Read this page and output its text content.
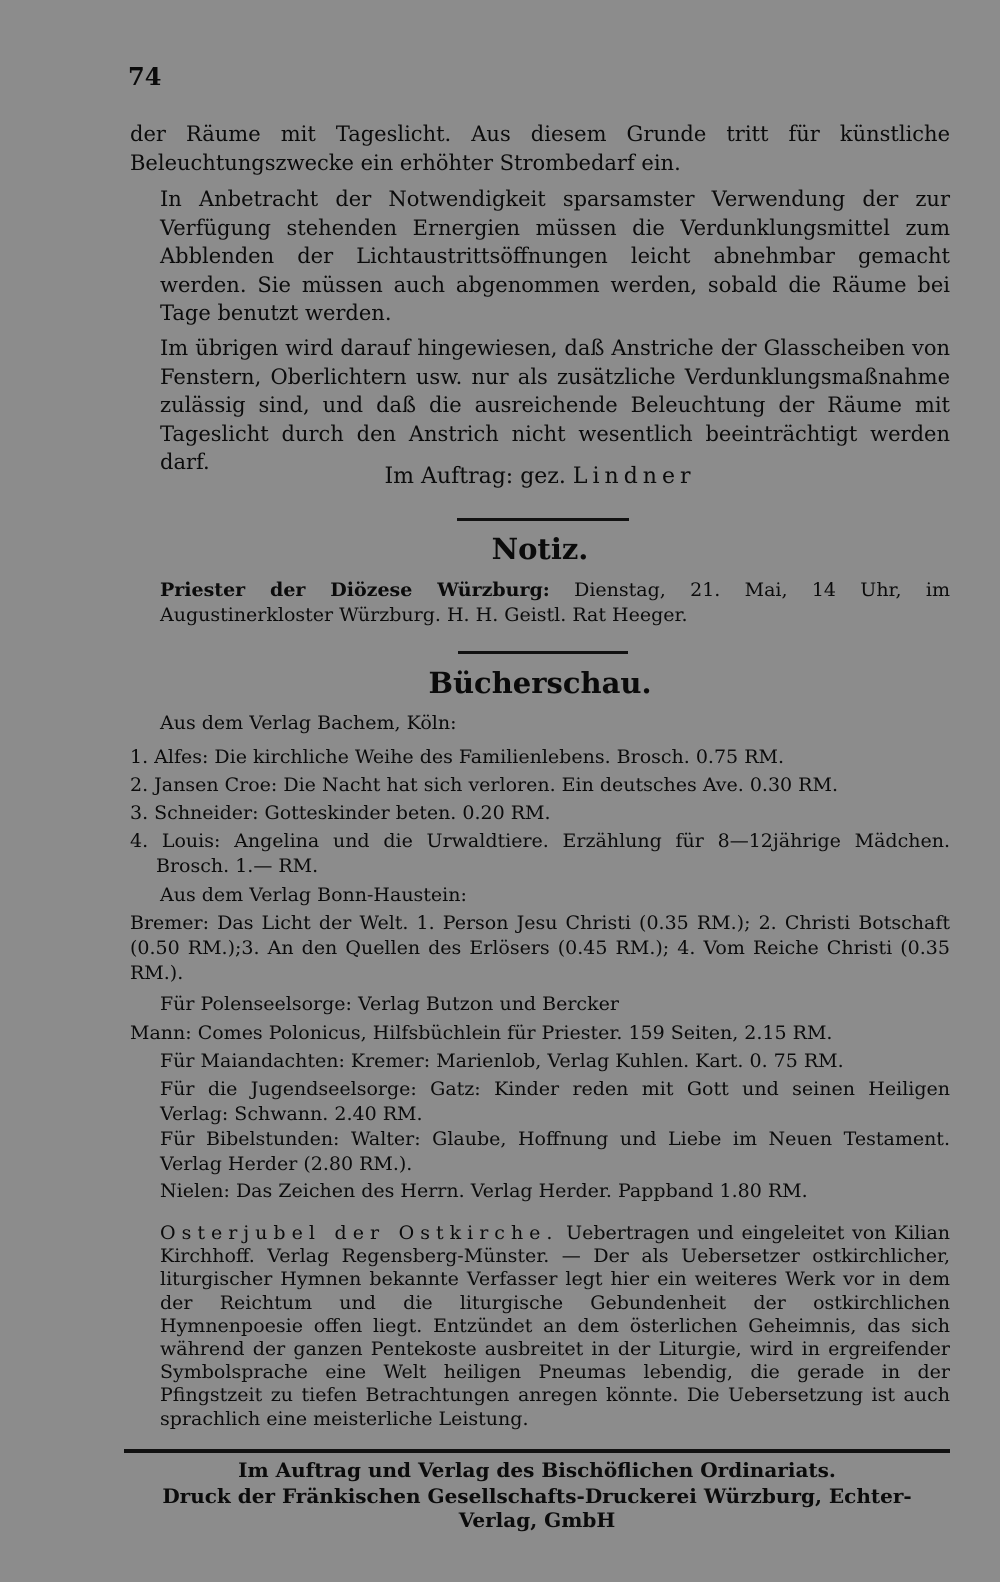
74

der Räume mit Tageslicht. Aus diesem Grunde tritt für künstliche Beleuchtungszwecke ein erhöhter Strombedarf ein.

In Anbetracht der Notwendigkeit sparsamster Verwendung der zur Verfügung stehenden Ernergien müssen die Verdunklungsmittel zum Abblenden der Lichtaustrittsöffnungen leicht abnehmbar gemacht werden. Sie müssen auch abgenommen werden, sobald die Räume bei Tage benutzt werden.

Im übrigen wird darauf hingewiesen, daß Anstriche der Glasscheiben von Fenstern, Oberlichtern usw. nur als zusätzliche Verdunklungsmaßnahme zulässig sind, und daß die ausreichende Beleuchtung der Räume mit Tageslicht durch den Anstrich nicht wesentlich beeinträchtigt werden darf.

Im Auftrag: gez. Lindner

Notiz.

Priester der Diözese Würzburg: Dienstag, 21. Mai, 14 Uhr, im Augustinerkloster Würzburg. H. H. Geistl. Rat Heeger.

Bücherschau.

Aus dem Verlag Bachem, Köln:

1. Alfes: Die kirchliche Weihe des Familienlebens. Brosch. 0.75 RM.

2. Jansen Croe: Die Nacht hat sich verloren. Ein deutsches Ave. 0.30 RM.

3. Schneider: Gotteskinder beten. 0.20 RM.

4. Louis: Angelina und die Urwaldtiere. Erzählung für 8—12jährige Mädchen. Brosch. 1.— RM.

Aus dem Verlag Bonn-Haustein:

Bremer: Das Licht der Welt. 1. Person Jesu Christi (0.35 RM.); 2. Christi Botschaft (0.50 RM.);3. An den Quellen des Erlösers (0.45 RM.); 4. Vom Reiche Christi (0.35 RM.).

Für Polenseelsorge: Verlag Butzon und Bercker

Mann: Comes Polonicus, Hilfsbüchlein für Priester. 159 Seiten, 2.15 RM.

Für Maiandachten: Kremer: Marienlob, Verlag Kuhlen. Kart. 0. 75 RM.

Für die Jugendseelsorge: Gatz: Kinder reden mit Gott und seinen Heiligen Verlag: Schwann. 2.40 RM.

Für Bibelstunden: Walter: Glaube, Hoffnung und Liebe im Neuen Testament. Verlag Herder (2.80 RM.).

Nielen: Das Zeichen des Herrn. Verlag Herder. Pappband 1.80 RM.

Osterjubel der Ostkirche. Uebertragen und eingeleitet von Kilian Kirchhoff. Verlag Regensberg-Münster. — Der als Uebersetzer ostkirchlicher, liturgischer Hymnen bekannte Verfasser legt hier ein weiteres Werk vor in dem der Reichtum und die liturgische Gebundenheit der ostkirchlichen Hymnenpoesie offen liegt. Entzündet an dem österlichen Geheimnis, das sich während der ganzen Pentekoste ausbreitet in der Liturgie, wird in ergreifender Symbolsprache eine Welt heiligen Pneumas lebendig, die gerade in der Pfingstzeit zu tiefen Betrachtungen anregen könnte. Die Uebersetzung ist auch sprachlich eine meisterliche Leistung.

Im Auftrag und Verlag des Bischöflichen Ordinariats.

Druck der Fränkischen Gesellschafts-Druckerei Würzburg, Echter-Verlag, GmbH
